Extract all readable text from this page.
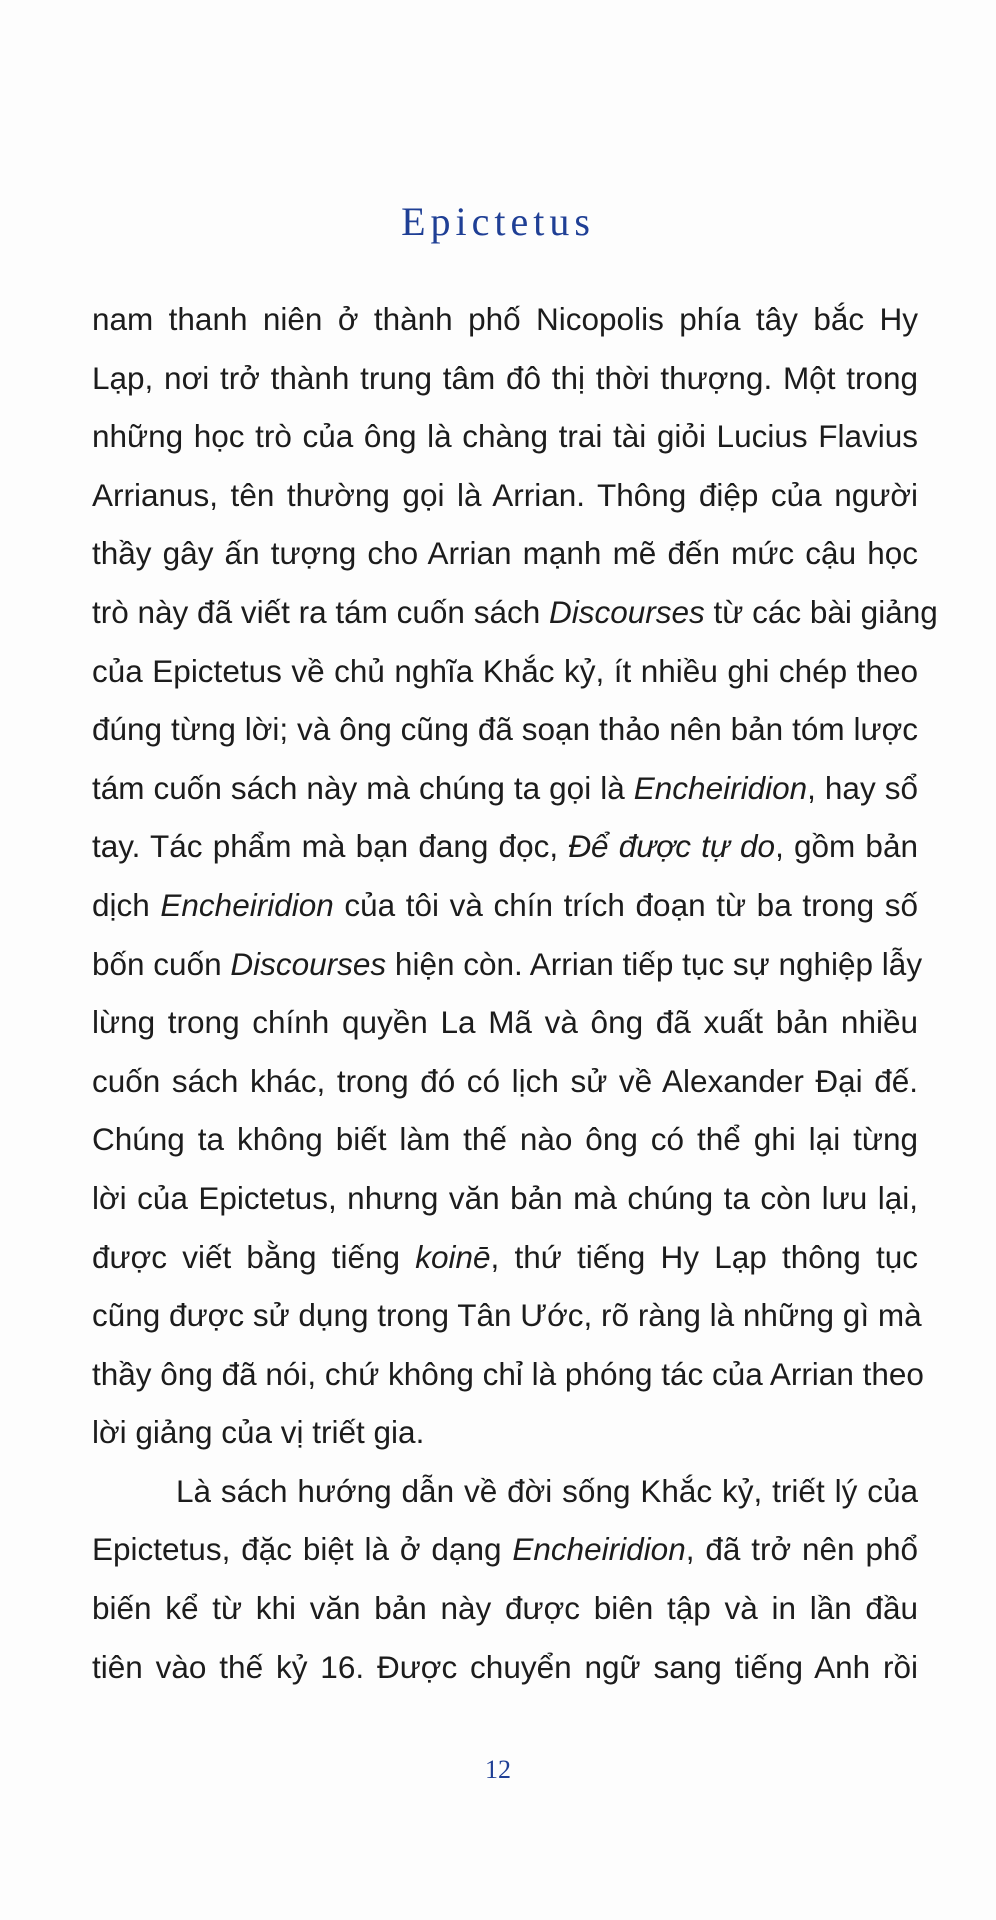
Epictetus
nam thanh niên ở thành phố Nicopolis phía tây bắc Hy
Lạp, nơi trở thành trung tâm đô thị thời thượng. Một trong
những học trò của ông là chàng trai tài giỏi Lucius Flavius
Arrianus, tên thường gọi là Arrian. Thông điệp của người
thầy gây ấn tượng cho Arrian mạnh mẽ đến mức cậu học
trò này đã viết ra tám cuốn sách Discourses từ các bài giảng
của Epictetus về chủ nghĩa Khắc kỷ, ít nhiều ghi chép theo
đúng từng lời; và ông cũng đã soạn thảo nên bản tóm lược
tám cuốn sách này mà chúng ta gọi là Encheiridion, hay sổ
tay. Tác phẩm mà bạn đang đọc, Để được tự do, gồm bản
dịch Encheiridion của tôi và chín trích đoạn từ ba trong số
bốn cuốn Discourses hiện còn. Arrian tiếp tục sự nghiệp lẫy
lừng trong chính quyền La Mã và ông đã xuất bản nhiều
cuốn sách khác, trong đó có lịch sử về Alexander Đại đế.
Chúng ta không biết làm thế nào ông có thể ghi lại từng
lời của Epictetus, nhưng văn bản mà chúng ta còn lưu lại,
được viết bằng tiếng koinē, thứ tiếng Hy Lạp thông tục
cũng được sử dụng trong Tân Ước, rõ ràng là những gì mà
thầy ông đã nói, chứ không chỉ là phóng tác của Arrian theo
lời giảng của vị triết gia.
Là sách hướng dẫn về đời sống Khắc kỷ, triết lý của
Epictetus, đặc biệt là ở dạng Encheiridion, đã trở nên phổ
biến kể từ khi văn bản này được biên tập và in lần đầu
tiên vào thế kỷ 16. Được chuyển ngữ sang tiếng Anh rồi
12
